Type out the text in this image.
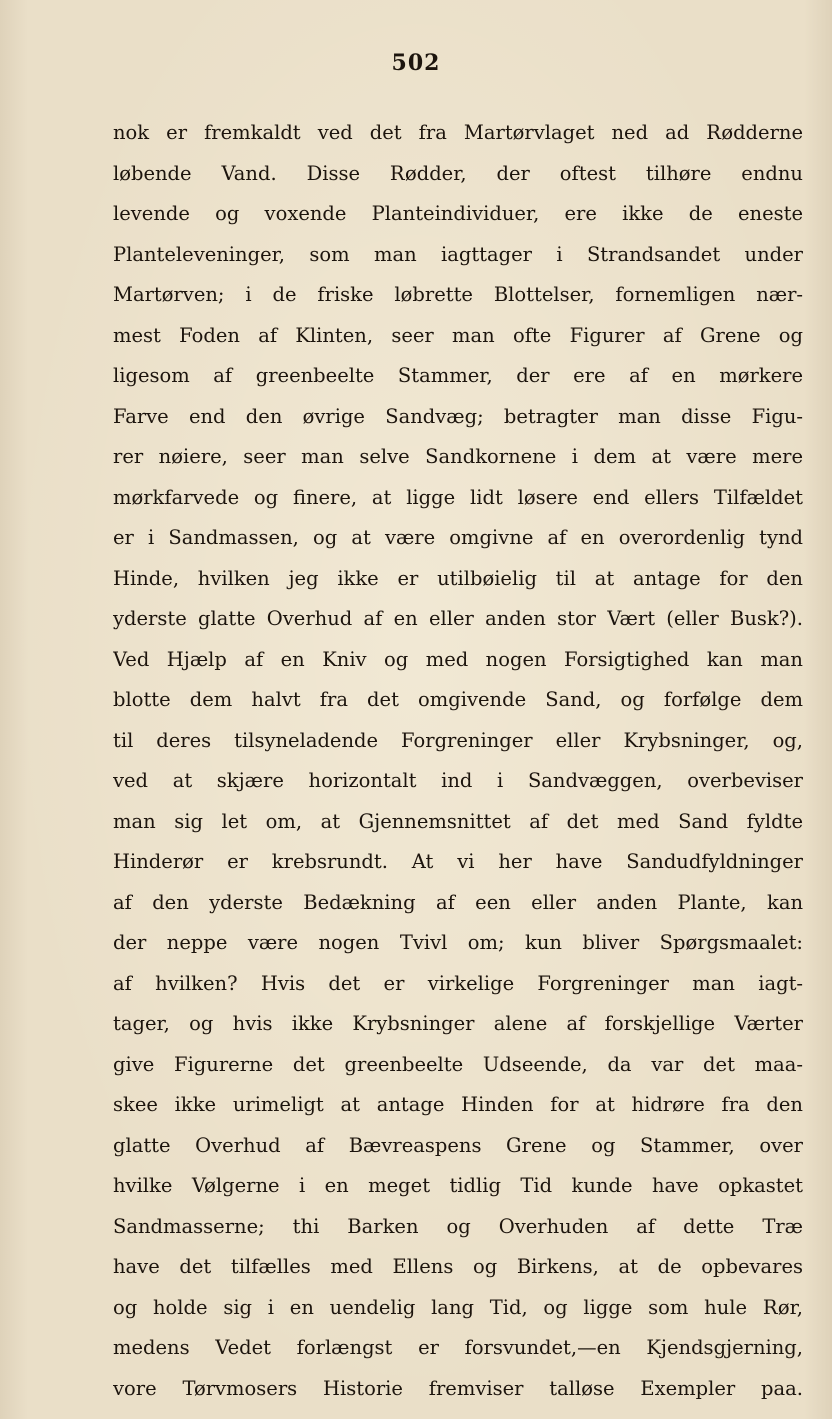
502
nok er fremkaldt ved det fra Martørvlaget ned ad Rødderne
løbende Vand. Disse Rødder, der oftest tilhøre endnu
levende og voxende Planteindividuer, ere ikke de eneste
Planteleveninger, som man iagttager i Strandsandet under
Martørven; i de friske løbrette Blottelser, fornemligen nær-
mest Foden af Klinten, seer man ofte Figurer af Grene og
ligesom af greenbeelte Stammer, der ere af en mørkere
Farve end den øvrige Sandvæg; betragter man disse Figu-
rer nøiere, seer man selve Sandkornene i dem at være mere
mørkfarvede og finere, at ligge lidt løsere end ellers Tilfældet
er i Sandmassen, og at være omgivne af en overordenlig tynd
Hinde, hvilken jeg ikke er utilbøielig til at antage for den
yderste glatte Overhud af en eller anden stor Vært (eller Busk?).
Ved Hjælp af en Kniv og med nogen Forsigtighed kan man
blotte dem halvt fra det omgivende Sand, og forfølge dem
til deres tilsyneladende Forgreninger eller Krybsninger, og,
ved at skjære horizontalt ind i Sandvæggen, overbeviser
man sig let om, at Gjennemsnittet af det med Sand fyldte
Hinderør er krebsrundt. At vi her have Sandudfyldninger
af den yderste Bedækning af een eller anden Plante, kan
der neppe være nogen Tvivl om; kun bliver Spørgsmaalet:
af hvilken? Hvis det er virkelige Forgreninger man iagt-
tager, og hvis ikke Krybsninger alene af forskjellige Værter
give Figurerne det greenbeelte Udseende, da var det maa-
skee ikke urimeligt at antage Hinden for at hidrøre fra den
glatte Overhud af Bævreaspens Grene og Stammer, over
hvilke Vølgerne i en meget tidlig Tid kunde have opkastet
Sandmasserne; thi Barken og Overhuden af dette Træ
have det tilfælles med Ellens og Birkens, at de opbevares
og holde sig i en uendelig lang Tid, og ligge som hule Rør,
medens Vedet forlængst er forsvundet,—en Kjendsgjerning,
vore Tørvmosers Historie fremviser talløse Exempler paa.
